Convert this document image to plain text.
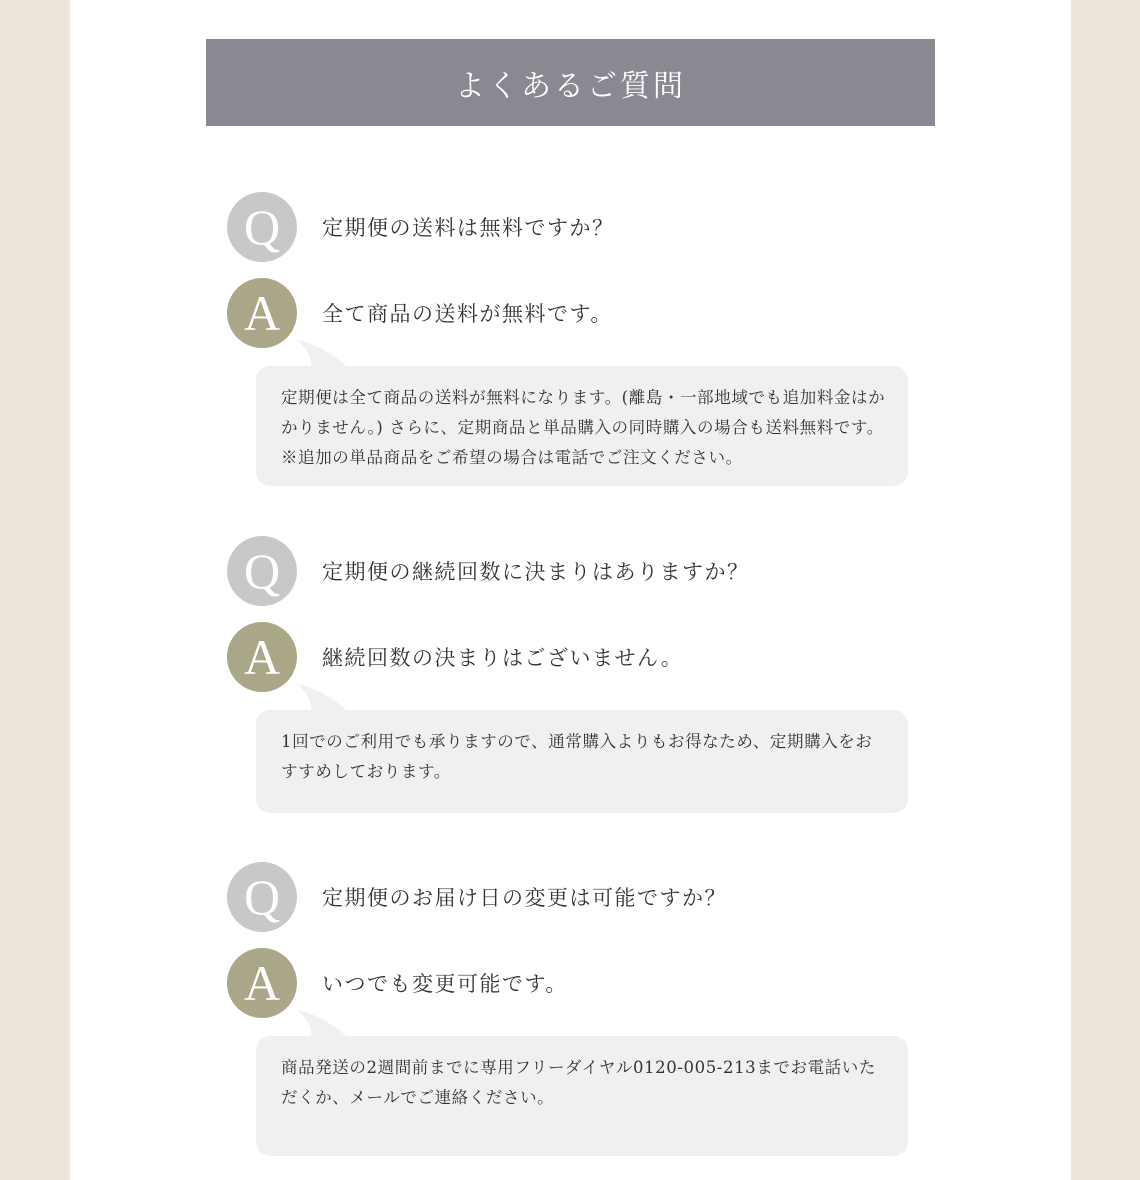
よくあるご質問
Q	定期便の送料は無料ですか？
A	全て商品の送料が無料です。
定期便は全て商品の送料が無料になります。(離島・一部地域でも追加料金はかかりません。) さらに、定期商品と単品購入の同時購入の場合も送料無料です。※追加の単品商品をご希望の場合は電話でご注文ください。
Q	定期便の継続回数に決まりはありますか？
A	継続回数の決まりはございません。
1回でのご利用でも承りますので、通常購入よりもお得なため、定期購入をおすすめしております。
Q	定期便のお届け日の変更は可能ですか？
A	いつでも変更可能です。
商品発送の2週間前までに専用フリーダイヤル0120-005-213までお電話いただくか、メールでご連絡ください。
